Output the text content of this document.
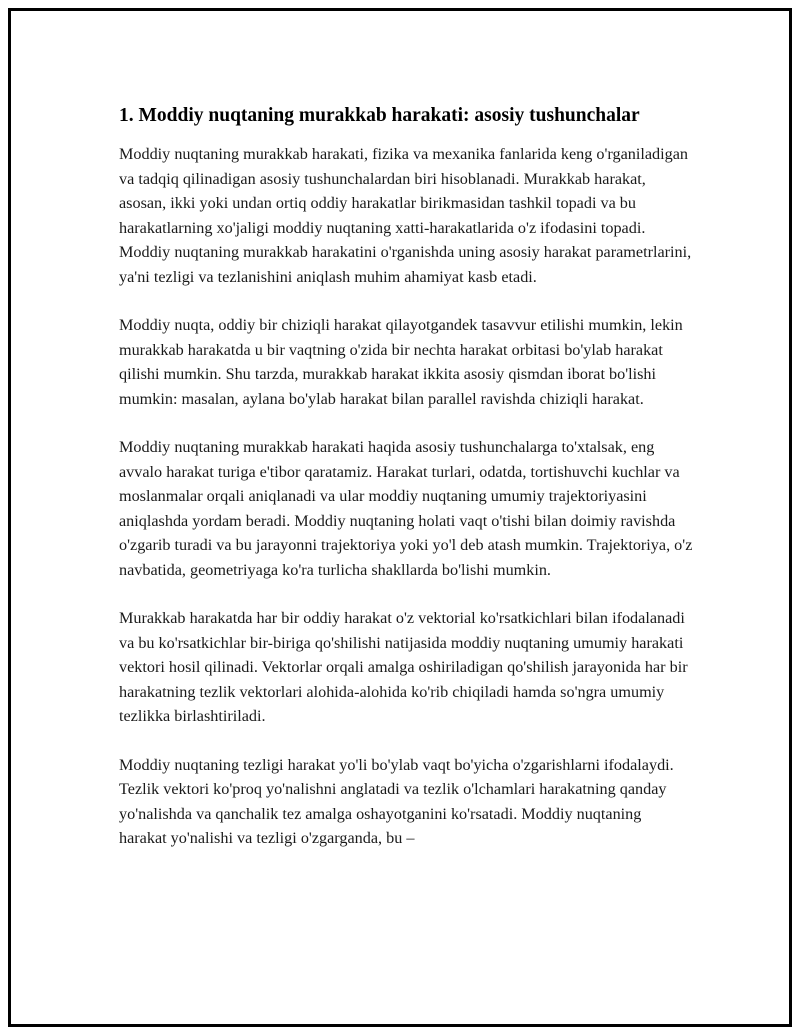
1. Moddiy nuqtaning murakkab harakati: asosiy tushunchalar

Moddiy nuqtaning murakkab harakati, fizika va mexanika fanlarida keng o'rganiladigan va tadqiq qilinadigan asosiy tushunchalardan biri hisoblanadi. Murakkab harakat, asosan, ikki yoki undan ortiq oddiy harakatlar birikmasidan tashkil topadi va bu harakatlarning xo'jaligi moddiy nuqtaning xatti-harakatlarida o'z ifodasini topadi. Moddiy nuqtaning murakkab harakatini o'rganishda uning asosiy harakat parametrlarini, ya'ni tezligi va tezlanishini aniqlash muhim ahamiyat kasb etadi.

Moddiy nuqta, oddiy bir chiziqli harakat qilayotgandek tasavvur etilishi mumkin, lekin murakkab harakatda u bir vaqtning o'zida bir nechta harakat orbitasi bo'ylab harakat qilishi mumkin. Shu tarzda, murakkab harakat ikkita asosiy qismdan iborat bo'lishi mumkin: masalan, aylana bo'ylab harakat bilan parallel ravishda chiziqli harakat.

Moddiy nuqtaning murakkab harakati haqida asosiy tushunchalarga to'xtalsak, eng avvalo harakat turiga e'tibor qaratamiz. Harakat turlari, odatda, tortishuvchi kuchlar va moslanmalar orqali aniqlanadi va ular moddiy nuqtaning umumiy trajektoriyasini aniqlashda yordam beradi. Moddiy nuqtaning holati vaqt o'tishi bilan doimiy ravishda o'zgarib turadi va bu jarayonni trajektoriya yoki yo'l deb atash mumkin. Trajektoriya, o'z navbatida, geometriyaga ko'ra turlicha shakllarda bo'lishi mumkin.

Murakkab harakatda har bir oddiy harakat o'z vektorial ko'rsatkichlari bilan ifodalanadi va bu ko'rsatkichlar bir-biriga qo'shilishi natijasida moddiy nuqtaning umumiy harakati vektori hosil qilinadi. Vektorlar orqali amalga oshiriladigan qo'shilish jarayonida har bir harakatning tezlik vektorlari alohida-alohida ko'rib chiqiladi hamda so'ngra umumiy tezlikka birlashtiriladi.

Moddiy nuqtaning tezligi harakat yo'li bo'ylab vaqt bo'yicha o'zgarishlarni ifodalaydi. Tezlik vektori ko'proq yo'nalishni anglatadi va tezlik o'lchamlari harakatning qanday yo'nalishda va qanchalik tez amalga oshayotganini ko'rsatadi. Moddiy nuqtaning harakat yo'nalishi va tezligi o'zgarganda, bu –
